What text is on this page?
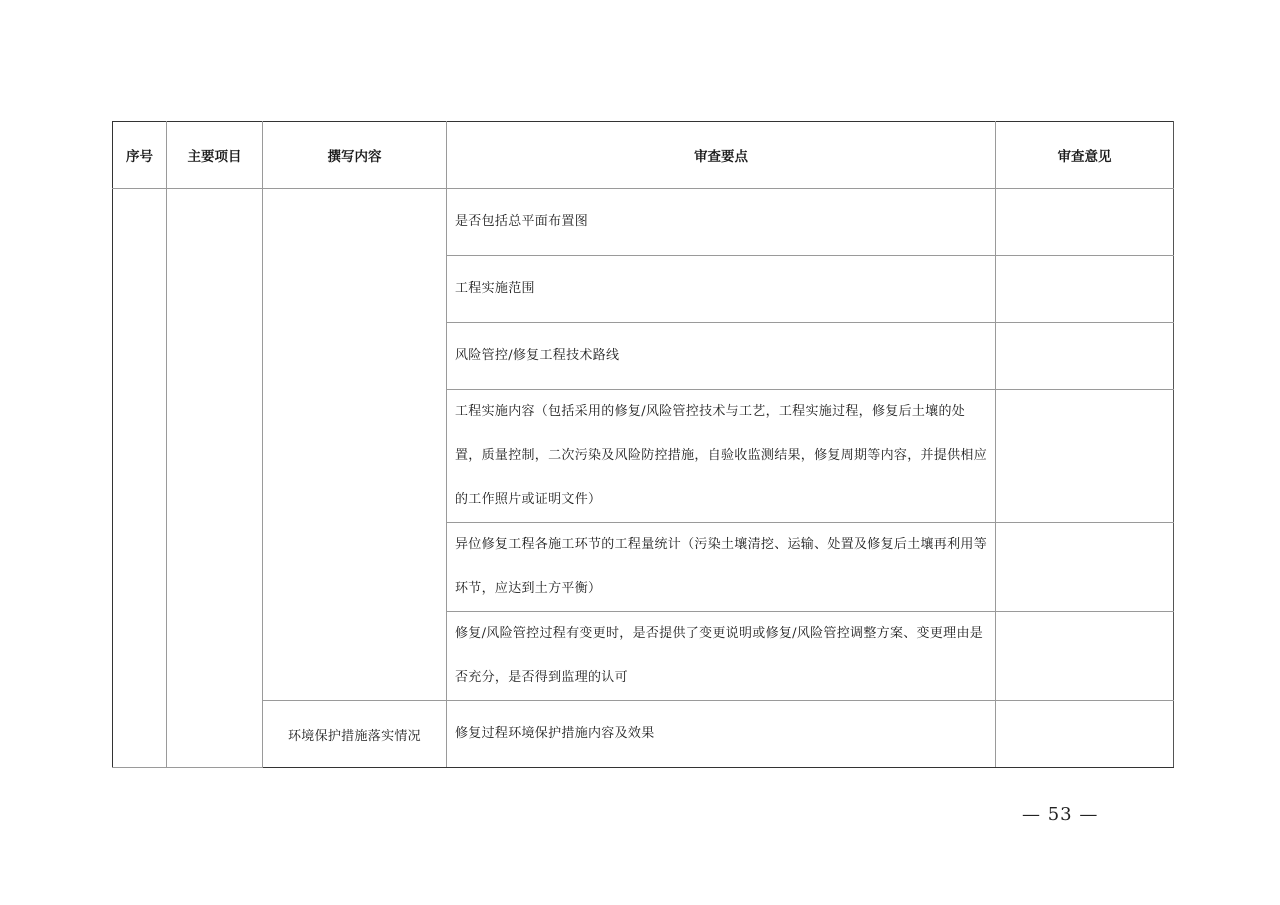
序号	主要项目	撰写内容	审查要点	审查意见
			是否包括总平面布置图	
			工程实施范围	
			风险管控/修复工程技术路线	
			工程实施内容（包括采用的修复/风险管控技术与工艺，工程实施过程，修复后土壤的处置，质量控制，二次污染及风险防控措施，自验收监测结果，修复周期等内容，并提供相应的工作照片或证明文件）	
			异位修复工程各施工环节的工程量统计（污染土壤清挖、运输、处置及修复后土壤再利用等环节，应达到土方平衡）	
			修复/风险管控过程有变更时，是否提供了变更说明或修复/风险管控调整方案、变更理由是否充分，是否得到监理的认可	
		环境保护措施落实情况	修复过程环境保护措施内容及效果	
— 53 —
